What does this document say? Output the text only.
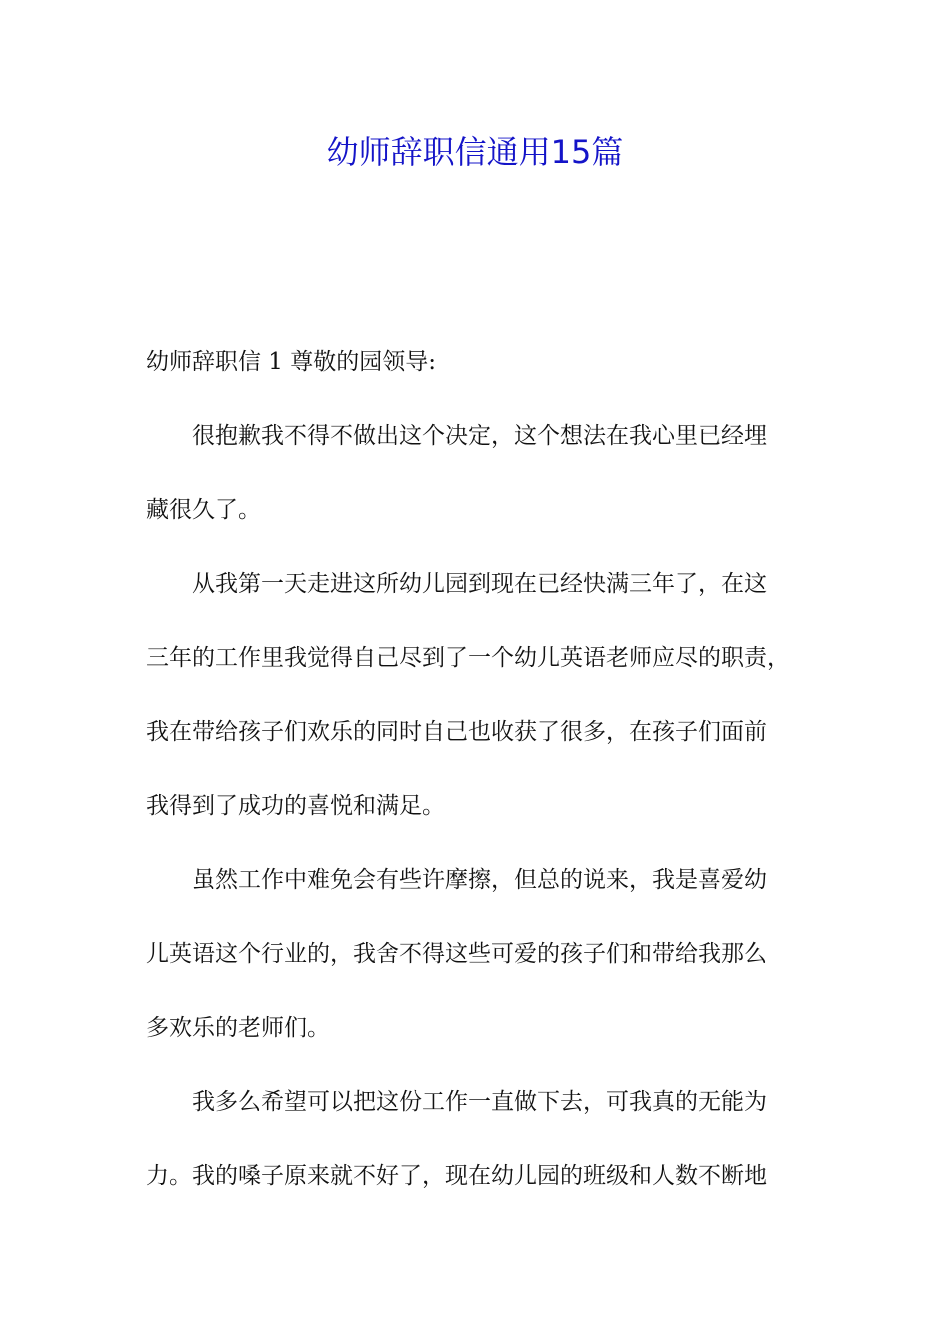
幼师辞职信通用15篇
幼师辞职信 1 尊敬的园领导:
　　很抱歉我不得不做出这个决定，这个想法在我心里已经埋
藏很久了。
　　从我第一天走进这所幼儿园到现在已经快满三年了，在这
三年的工作里我觉得自己尽到了一个幼儿英语老师应尽的职责，
我在带给孩子们欢乐的同时自己也收获了很多，在孩子们面前
我得到了成功的喜悦和满足。
　　虽然工作中难免会有些许摩擦，但总的说来，我是喜爱幼
儿英语这个行业的，我舍不得这些可爱的孩子们和带给我那么
多欢乐的老师们。
　　我多么希望可以把这份工作一直做下去，可我真的无能为
力。我的嗓子原来就不好了，现在幼儿园的班级和人数不断地
